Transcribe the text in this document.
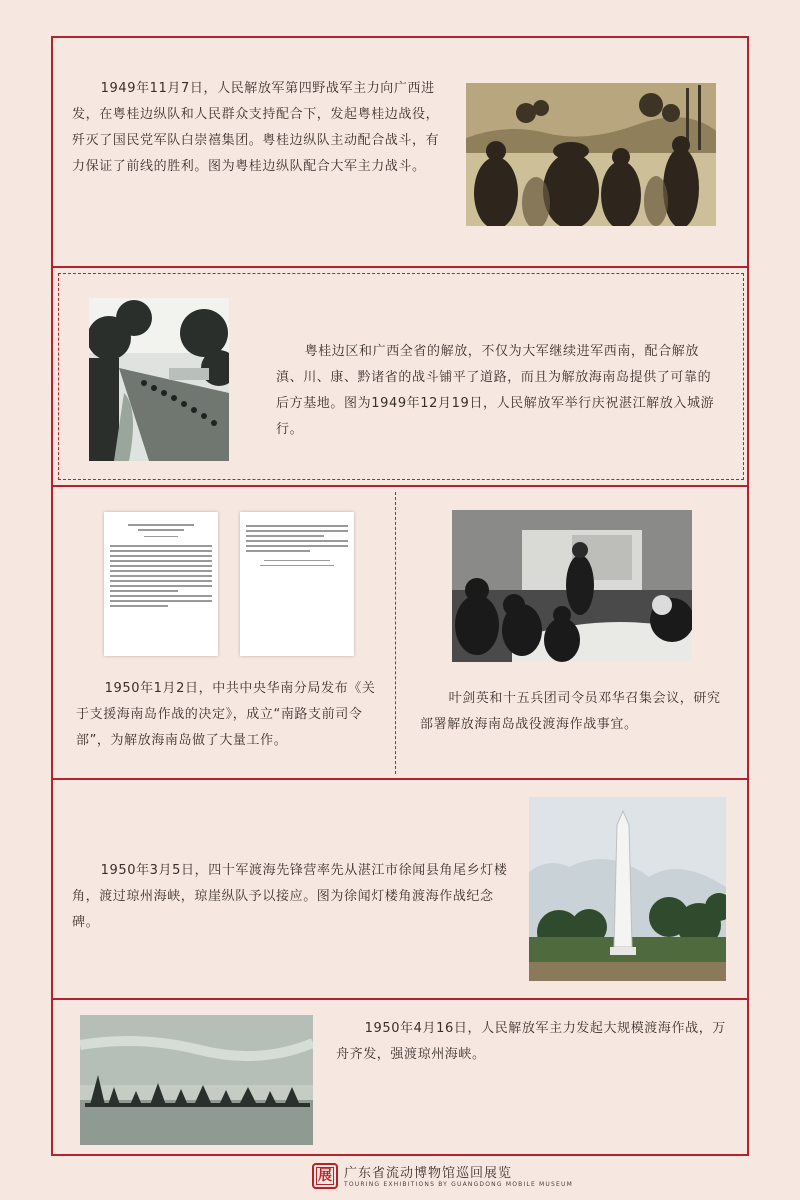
1949年11月7日，人民解放军第四野战军主力向广西进发，在粤桂边纵队和人民群众支持配合下，发起粤桂边战役，歼灭了国民党军队白崇禧集团。粤桂边纵队主动配合战斗，有力保证了前线的胜利。图为粤桂边纵队配合大军主力战斗。
粤桂边区和广西全省的解放，不仅为大军继续进军西南，配合解放滇、川、康、黔诸省的战斗铺平了道路，而且为解放海南岛提供了可靠的后方基地。图为1949年12月19日，人民解放军举行庆祝湛江解放入城游行。
1950年1月2日，中共中央华南分局发布《关于支援海南岛作战的决定》，成立“南路支前司令部”，为解放海南岛做了大量工作。
叶剑英和十五兵团司令员邓华召集会议，研究部署解放海南岛战役渡海作战事宜。
1950年3月5日，四十军渡海先锋营率先从湛江市徐闻县角尾乡灯楼角，渡过琼州海峡，琼崖纵队予以接应。图为徐闻灯楼角渡海作战纪念碑。
1950年4月16日，人民解放军主力发起大规模渡海作战，万舟齐发，强渡琼州海峡。
展 广东省流动博物馆巡回展览
TOURING EXHIBITIONS BY GUANGDONG MOBILE MUSEUM
